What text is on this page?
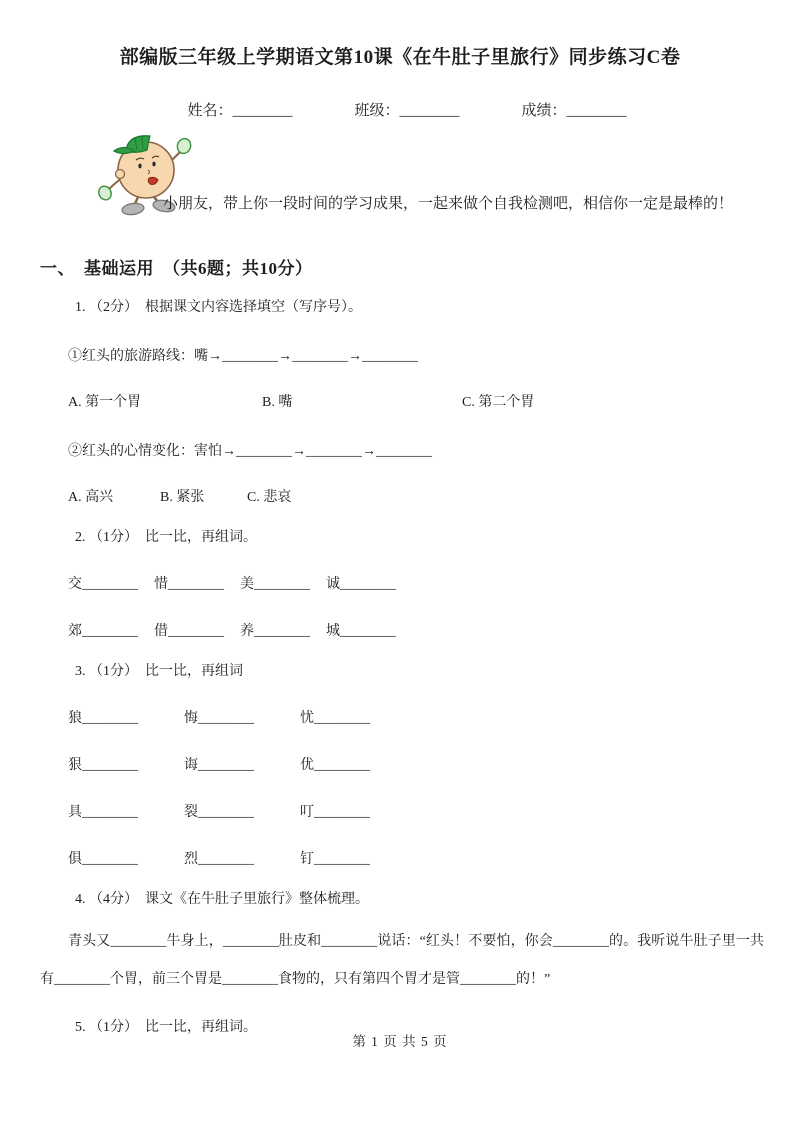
部编版三年级上学期语文第10课《在牛肚子里旅行》同步练习C卷
姓名：________	班级：________	成绩：________
小朋友，带上你一段时间的学习成果，一起来做个自我检测吧，相信你一定是最棒的！
一、　基础运用　（共6题；共10分）
1. （2分）　根据课文内容选择填空（写序号）。
①红头的旅游路线：嘴→________→________→________
A. 第一个胃	B. 嘴	C. 第二个胃
②红头的心情变化：害怕→________→________→________
A. 高兴	B. 紧张	C. 悲哀
2. （1分）　比一比，再组词。
交________	惜________	美________	诚________
郊________	借________	养________	城________
3. （1分）　比一比，再组词
狼________	悔________	忧________
狠________	诲________	优________
具________	裂________	叮________
俱________	烈________	钉________
4. （4分）　课文《在牛肚子里旅行》整体梳理。
青头又________牛身上，________肚皮和________说话：“红头！不要怕，你会________的。我听说牛肚子里一共有________个胃，前三个胃是________食物的，只有第四个胃才是管________的！”
5. （1分）　比一比，再组词。
第 1 页 共 5 页
